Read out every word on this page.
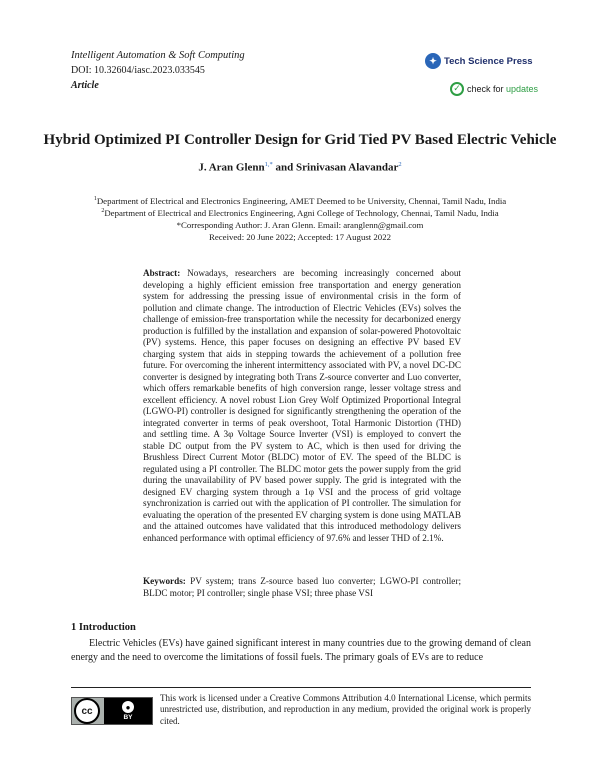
Intelligent Automation & Soft Computing
DOI: 10.32604/iasc.2023.033545
Article
✦ Tech Science Press
✓ check for updates
Hybrid Optimized PI Controller Design for Grid Tied PV Based Electric Vehicle
J. Aran Glenn$^{1,*}$ and Srinivasan Alavandar$^2$
$^1$Department of Electrical and Electronics Engineering, AMET Deemed to be University, Chennai, Tamil Nadu, India
$^2$Department of Electrical and Electronics Engineering, Agni College of Technology, Chennai, Tamil Nadu, India
*Corresponding Author: J. Aran Glenn. Email: aranglenn@gmail.com
Received: 20 June 2022; Accepted: 17 August 2022
Abstract: Nowadays, researchers are becoming increasingly concerned about developing a highly efficient emission free transportation and energy generation system for addressing the pressing issue of environmental crisis in the form of pollution and climate change. The introduction of Electric Vehicles (EVs) solves the challenge of emission-free transportation while the necessity for decarbonized energy production is fulfilled by the installation and expansion of solar-powered Photovoltaic (PV) systems. Hence, this paper focuses on designing an effective PV based EV charging system that aids in stepping towards the achievement of a pollution free future. For overcoming the inherent intermittency associated with PV, a novel DC-DC converter is designed by integrating both Trans Z-source converter and Luo converter, which offers remarkable benefits of high conversion range, lesser voltage stress and excellent efficiency. A novel robust Lion Grey Wolf Optimized Proportional Integral (LGWO-PI) controller is designed for significantly strengthening the operation of the integrated converter in terms of peak overshoot, Total Harmonic Distortion (THD) and settling time. A 3φ Voltage Source Inverter (VSI) is employed to convert the stable DC output from the PV system to AC, which is then used for driving the Brushless Direct Current Motor (BLDC) motor of EV. The speed of the BLDC is regulated using a PI controller. The BLDC motor gets the power supply from the grid during the unavailability of PV based power supply. The grid is integrated with the designed EV charging system through a 1φ VSI and the process of grid voltage synchronization is carried out with the application of PI controller. The simulation for evaluating the operation of the presented EV charging system is done using MATLAB and the attained outcomes have validated that this introduced methodology delivers enhanced performance with optimal efficiency of 97.6% and lesser THD of 2.1%.
Keywords: PV system; trans Z-source based luo converter; LGWO-PI controller; BLDC motor; PI controller; single phase VSI; three phase VSI
1 Introduction
Electric Vehicles (EVs) have gained significant interest in many countries due to the growing demand of clean energy and the need to overcome the limitations of fossil fuels. The primary goals of EVs are to reduce
cc	●
BY
This work is licensed under a Creative Commons Attribution 4.0 International License, which permits unrestricted use, distribution, and reproduction in any medium, provided the original work is properly cited.
